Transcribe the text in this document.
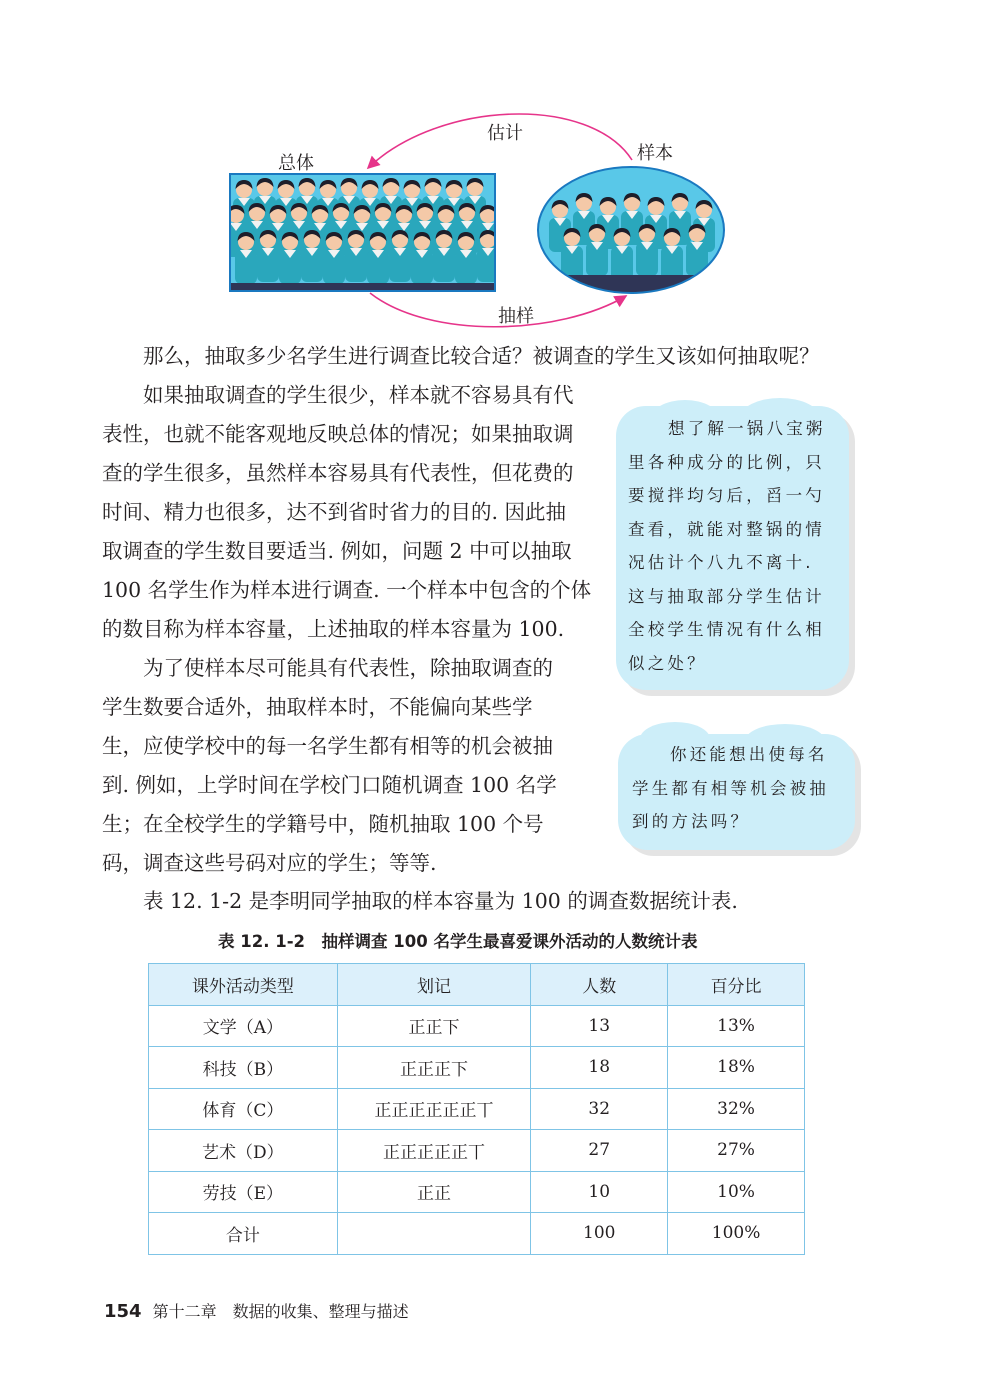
总体	样本
估计
抽样
那么，抽取多少名学生进行调查比较合适？被调查的学生又该如何抽取呢？

如果抽取调查的学生很少，样本就不容易具有代

表性，也就不能客观地反映总体的情况；如果抽取调

查的学生很多，虽然样本容易具有代表性，但花费的

时间、精力也很多，达不到省时省力的目的. 因此抽

取调查的学生数目要适当. 例如，问题 2 中可以抽取

100 名学生作为样本进行调查. 一个样本中包含的个体

的数目称为样本容量，上述抽取的样本容量为 100.

为了使样本尽可能具有代表性，除抽取调查的

学生数要合适外，抽取样本时，不能偏向某些学

生，应使学校中的每一名学生都有相等的机会被抽

到. 例如，上学时间在学校门口随机调查 100 名学

生；在全校学生的学籍号中，随机抽取 100 个号

码，调查这些号码对应的学生；等等.

表 12. 1-2 是李明同学抽取的样本容量为 100 的调查数据统计表.

想了解一锅八宝粥

里各种成分的比例，只

要搅拌均匀后，舀一勺

查看，就能对整锅的情

况估计个八九不离十.

这与抽取部分学生估计

全校学生情况有什么相

似之处？

你还能想出使每名

学生都有相等机会被抽

到的方法吗？

表 12. 1-2　抽样调查 100 名学生最喜爱课外活动的人数统计表
课外活动类型	划记	人数	百分比
文学（A）	正正下	13	13%
科技（B）	正正正下	18	18%
体育（C）	正正正正正正丅	32	32%
艺术（D）	正正正正正丅	27	27%
劳技（E）	正正	10	10%
合计		100	100%
154 第十二章　数据的收集、整理与描述
